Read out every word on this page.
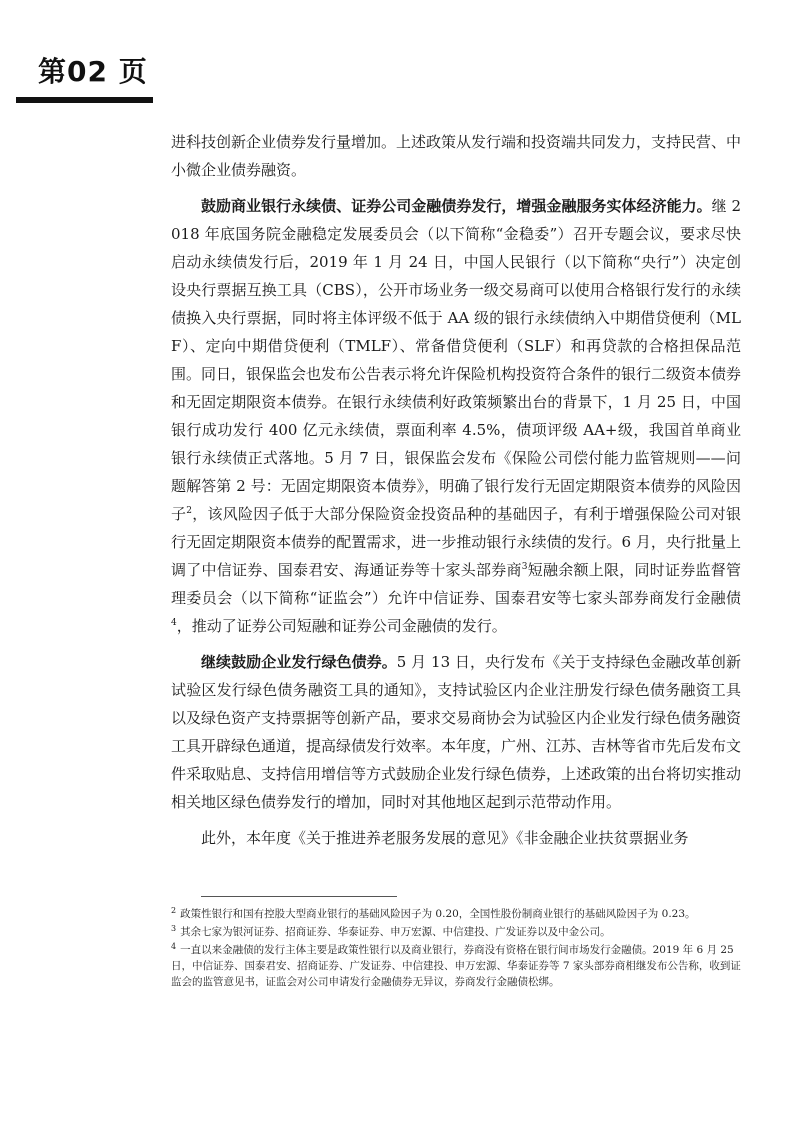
第02 页

进科技创新企业债券发行量增加。上述政策从发行端和投资端共同发力，支持民营、中小微企业债券融资。

鼓励商业银行永续债、证券公司金融债券发行，增强金融服务实体经济能力。继 2018 年底国务院金融稳定发展委员会（以下简称“金稳委”）召开专题会议，要求尽快启动永续债发行后，2019 年 1 月 24 日，中国人民银行（以下简称“央行”）决定创设央行票据互换工具（CBS），公开市场业务一级交易商可以使用合格银行发行的永续债换入央行票据，同时将主体评级不低于 AA 级的银行永续债纳入中期借贷便利（MLF）、定向中期借贷便利（TMLF）、常备借贷便利（SLF）和再贷款的合格担保品范围。同日，银保监会也发布公告表示将允许保险机构投资符合条件的银行二级资本债券和无固定期限资本债券。在银行永续债利好政策频繁出台的背景下，1 月 25 日，中国银行成功发行 400 亿元永续债，票面利率 4.5%，债项评级 AA+级，我国首单商业银行永续债正式落地。5 月 7 日，银保监会发布《保险公司偿付能力监管规则——问题解答第 2 号：无固定期限资本债券》，明确了银行发行无固定期限资本债券的风险因子$^2$，该风险因子低于大部分保险资金投资品种的基础因子，有利于增强保险公司对银行无固定期限资本债券的配置需求，进一步推动银行永续债的发行。6 月，央行批量上调了中信证券、国泰君安、海通证券等十家头部券商$^3$短融余额上限，同时证券监督管理委员会（以下简称“证监会”）允许中信证券、国泰君安等七家头部券商发行金融债$^4$，推动了证券公司短融和证券公司金融债的发行。

继续鼓励企业发行绿色债券。5 月 13 日，央行发布《关于支持绿色金融改革创新试验区发行绿色债务融资工具的通知》，支持试验区内企业注册发行绿色债务融资工具以及绿色资产支持票据等创新产品，要求交易商协会为试验区内企业发行绿色债务融资工具开辟绿色通道，提高绿债发行效率。本年度，广州、江苏、吉林等省市先后发布文件采取贴息、支持信用增信等方式鼓励企业发行绿色债券，上述政策的出台将切实推动相关地区绿色债券发行的增加，同时对其他地区起到示范带动作用。

此外，本年度《关于推进养老服务发展的意见》《非金融企业扶贫票据业务

$^2$ 政策性银行和国有控股大型商业银行的基础风险因子为 0.20，全国性股份制商业银行的基础风险因子为 0.23。

$^3$ 其余七家为银河证券、招商证券、华泰证券、申万宏源、中信建投、广发证券以及中金公司。

$^4$ 一直以来金融债的发行主体主要是政策性银行以及商业银行，券商没有资格在银行间市场发行金融债。2019 年 6 月 25 日，中信证券、国泰君安、招商证券、广发证券、中信建投、申万宏源、华泰证券等 7 家头部券商相继发布公告称，收到证监会的监管意见书，证监会对公司申请发行金融债券无异议，券商发行金融债松绑。
